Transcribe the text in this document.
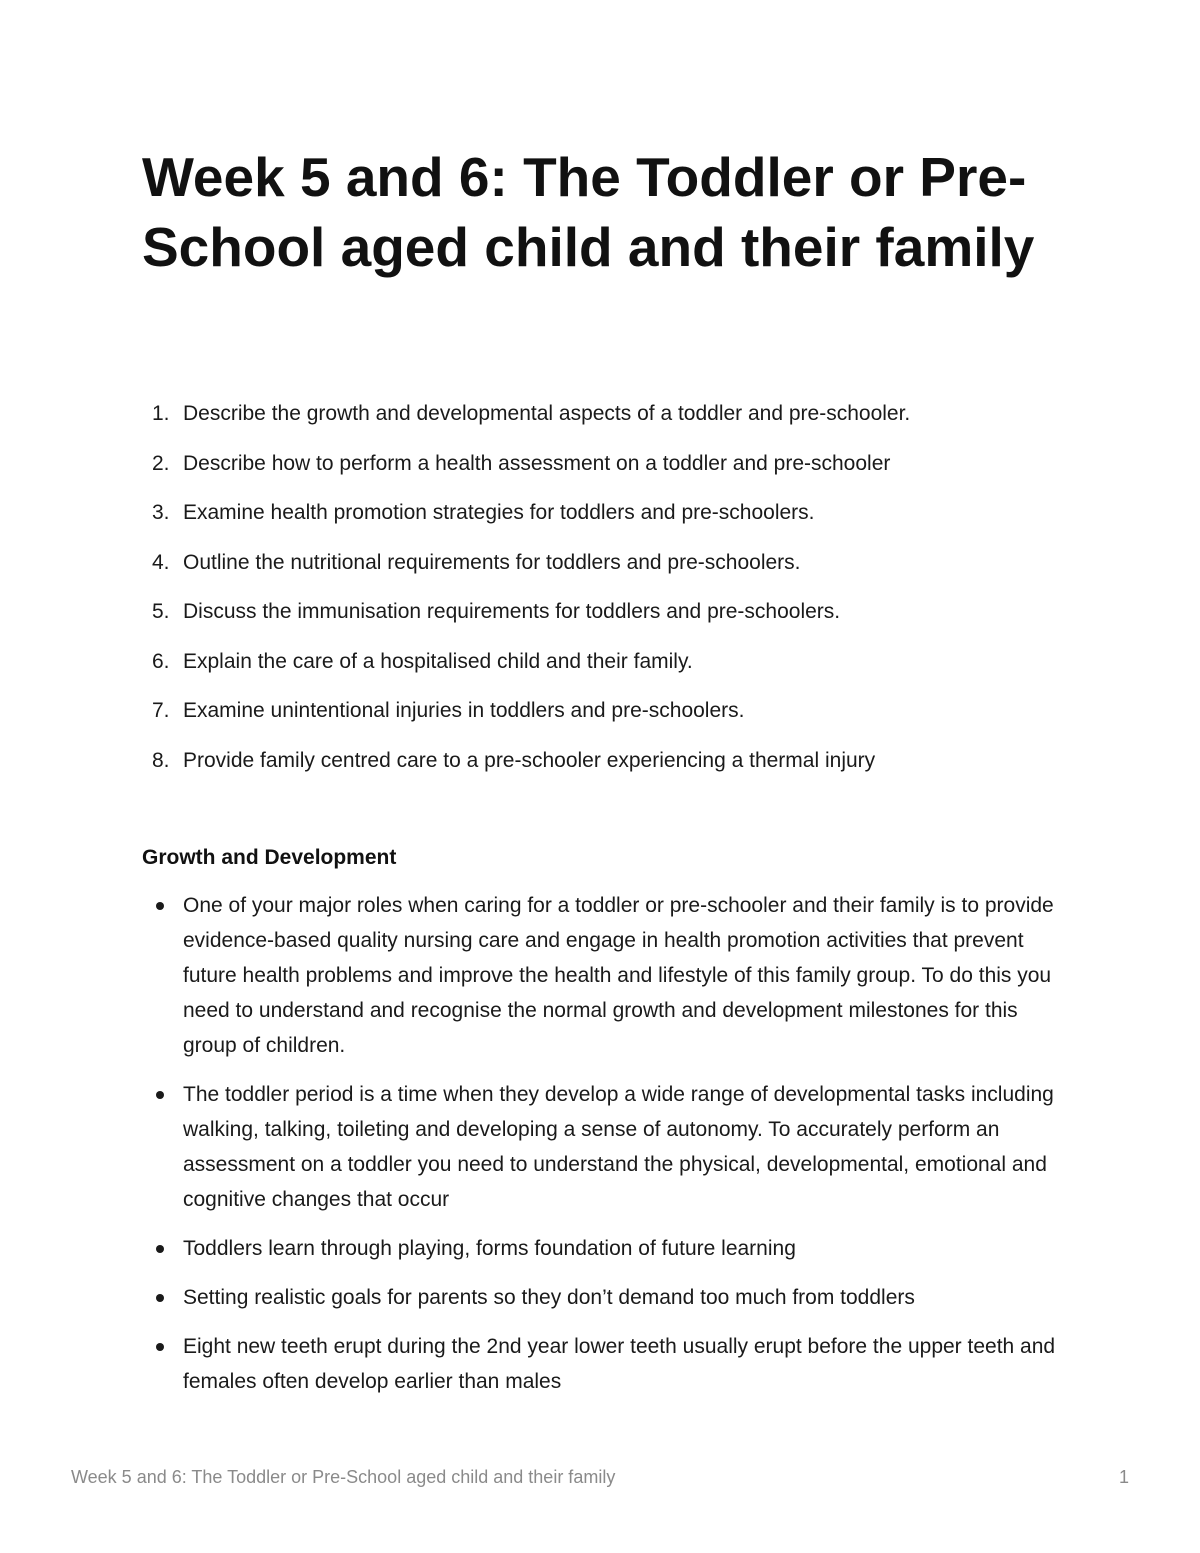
Week 5 and 6: The Toddler or Pre-School aged child and their family
1. Describe the growth and developmental aspects of a toddler and pre-schooler.
2. Describe how to perform a health assessment on a toddler and pre-schooler
3. Examine health promotion strategies for toddlers and pre-schoolers.
4. Outline the nutritional requirements for toddlers and pre-schoolers.
5. Discuss the immunisation requirements for toddlers and pre-schoolers.
6. Explain the care of a hospitalised child and their family.
7. Examine unintentional injuries in toddlers and pre-schoolers.
8. Provide family centred care to a pre-schooler experiencing a thermal injury
Growth and Development
One of your major roles when caring for a toddler or pre-schooler and their family is to provide evidence-based quality nursing care and engage in health promotion activities that prevent future health problems and improve the health and lifestyle of this family group. To do this you need to understand and recognise the normal growth and development milestones for this group of children.
The toddler period is a time when they develop a wide range of developmental tasks including walking, talking, toileting and developing a sense of autonomy. To accurately perform an assessment on a toddler you need to understand the physical, developmental, emotional and cognitive changes that occur
Toddlers learn through playing, forms foundation of future learning
Setting realistic goals for parents so they don’t demand too much from toddlers
Eight new teeth erupt during the 2nd year lower teeth usually erupt before the upper teeth and females often develop earlier than males
Week 5 and 6: The Toddler or Pre-School aged child and their family	1
